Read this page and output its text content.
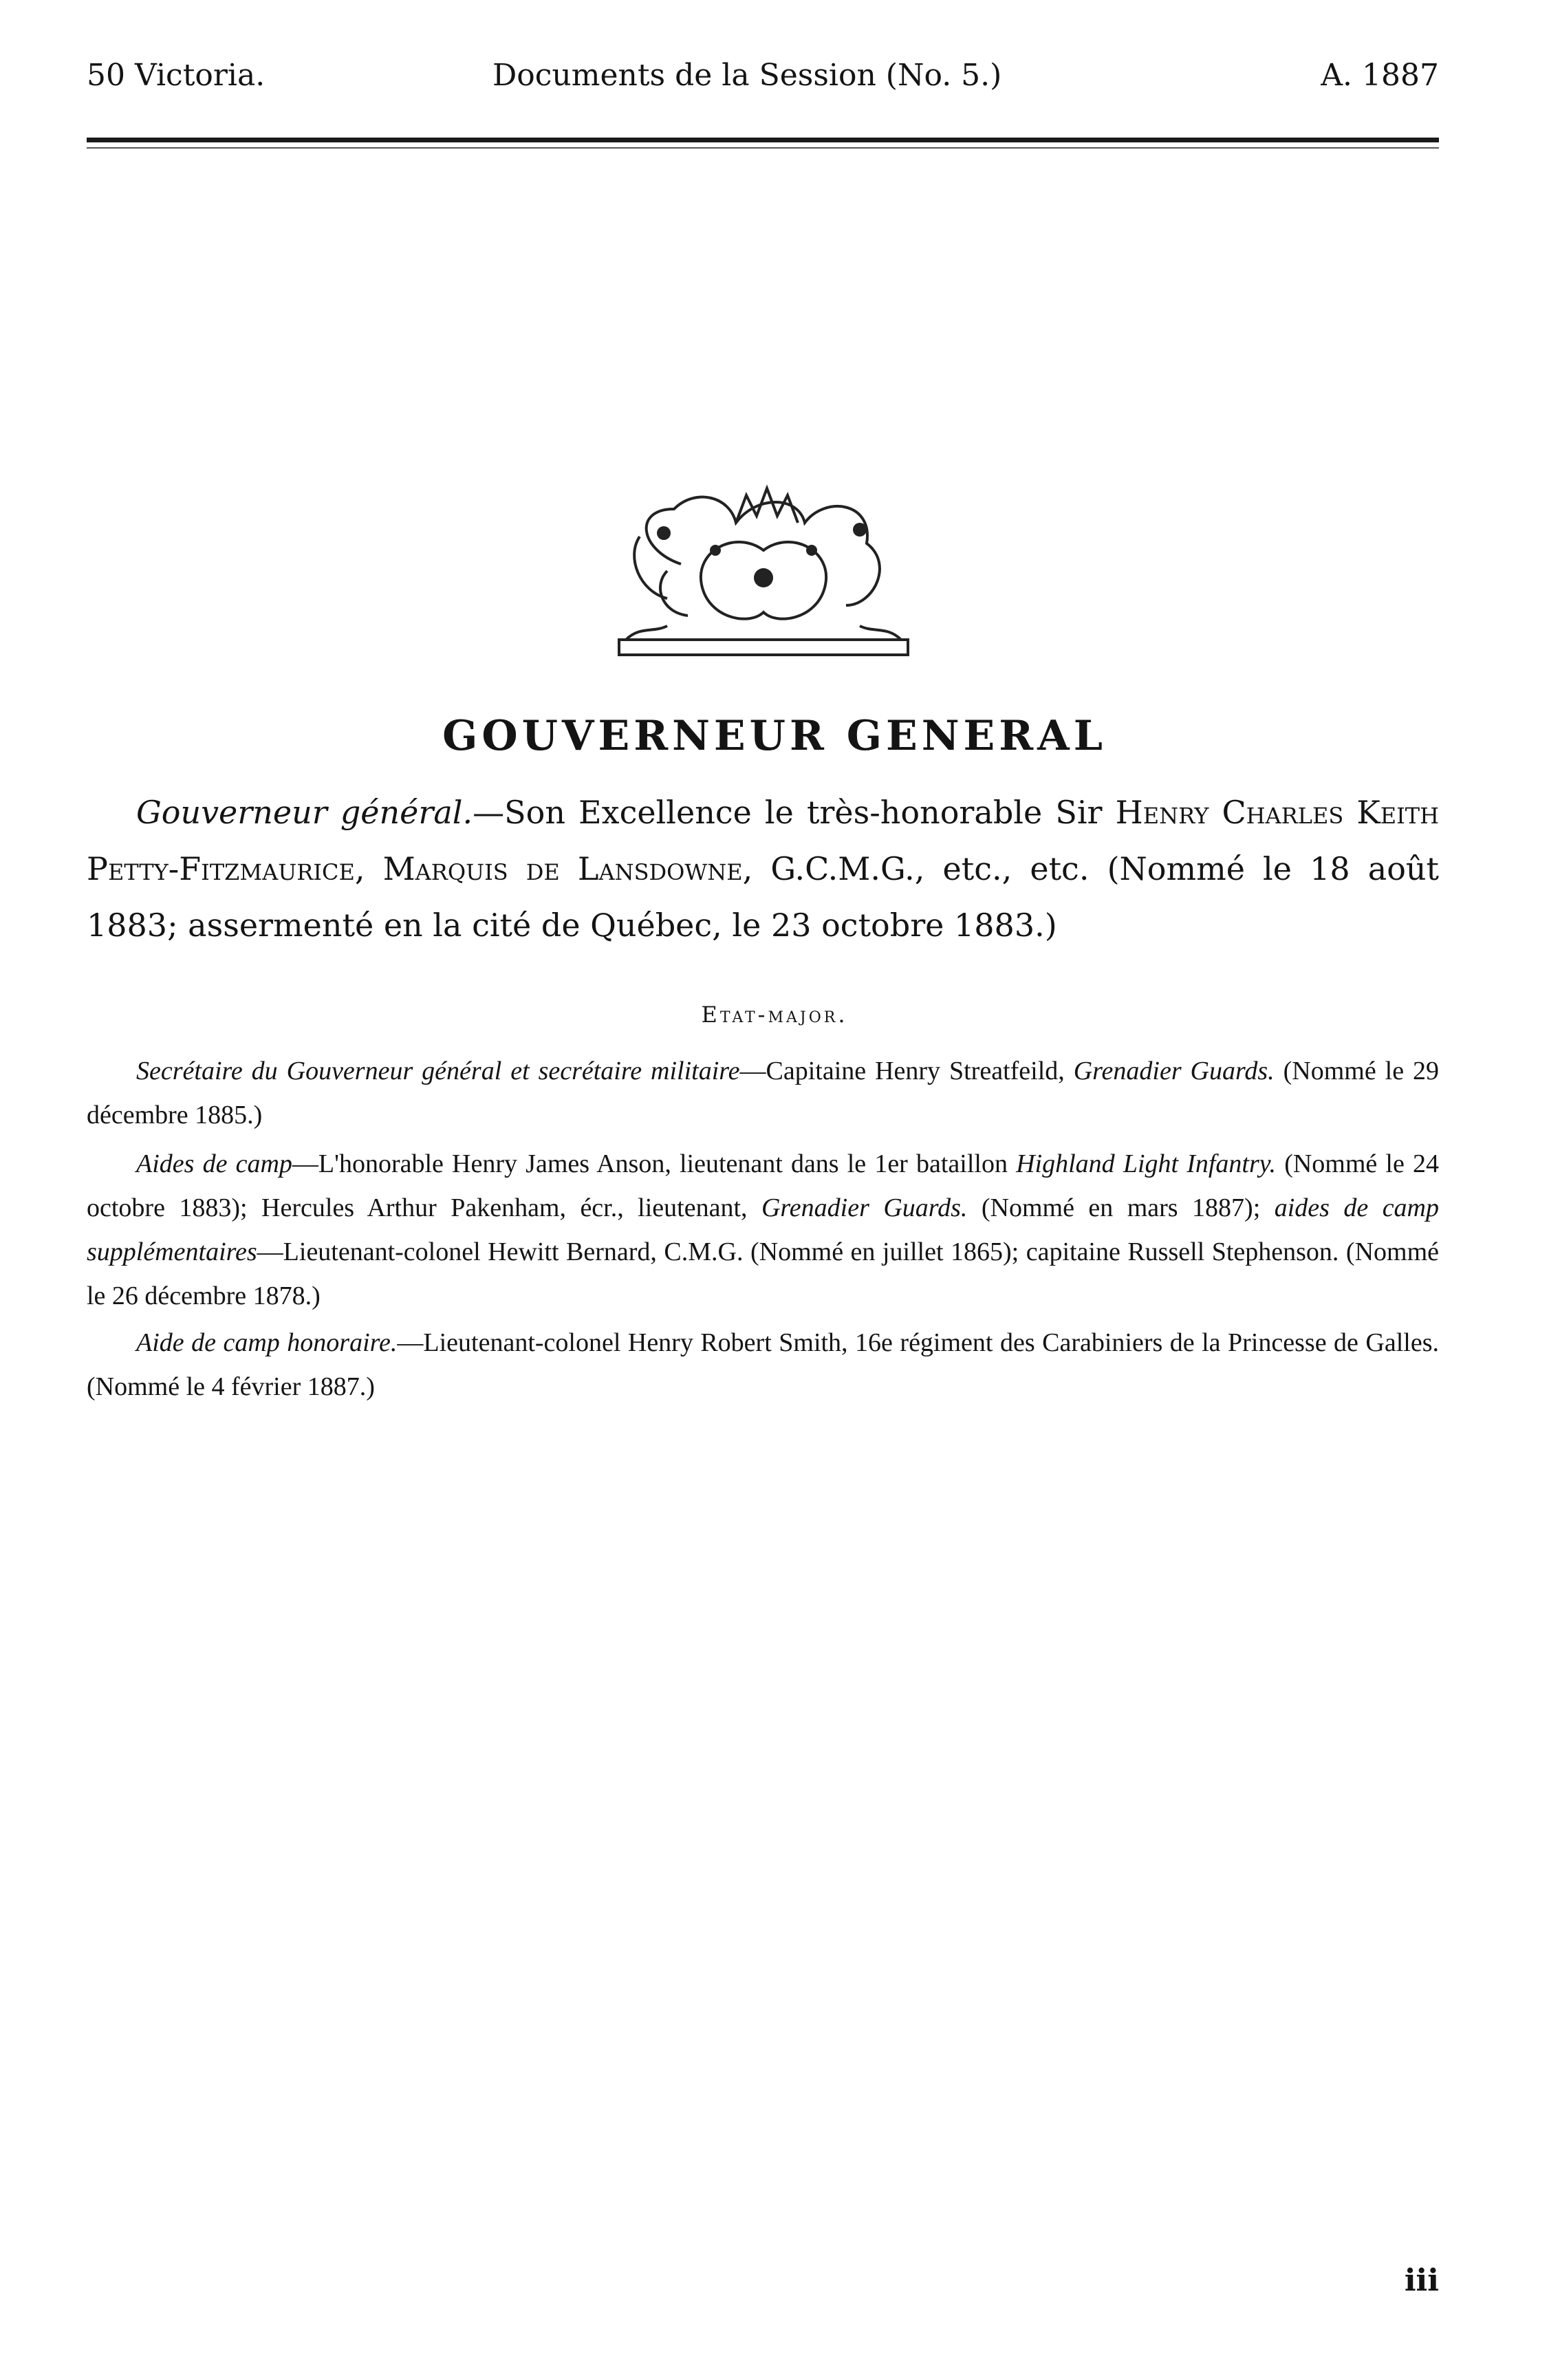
50 Victoria.	Documents de la Session (No. 5.)	A. 1887
GOUVERNEUR GENERAL
Gouverneur général.—Son Excellence le très-honorable Sir Henry Charles Keith Petty-Fitzmaurice, Marquis de Lansdowne, G.C.M.G., etc., etc. (Nommé le 18 août 1883; assermenté en la cité de Québec, le 23 octobre 1883.)
Etat-major.
Secrétaire du Gouverneur général et secrétaire militaire—Capitaine Henry Streatfeild, Grenadier Guards. (Nommé le 29 décembre 1885.)
Aides de camp—L'honorable Henry James Anson, lieutenant dans le 1er bataillon Highland Light Infantry. (Nommé le 24 octobre 1883); Hercules Arthur Pakenham, écr., lieutenant, Grenadier Guards. (Nommé en mars 1887); aides de camp supplémentaires—Lieutenant-colonel Hewitt Bernard, C.M.G. (Nommé en juillet 1865); capitaine Russell Stephenson. (Nommé le 26 décembre 1878.)
Aide de camp honoraire.—Lieutenant-colonel Henry Robert Smith, 16e régiment des Carabiniers de la Princesse de Galles. (Nommé le 4 février 1887.)
iii
